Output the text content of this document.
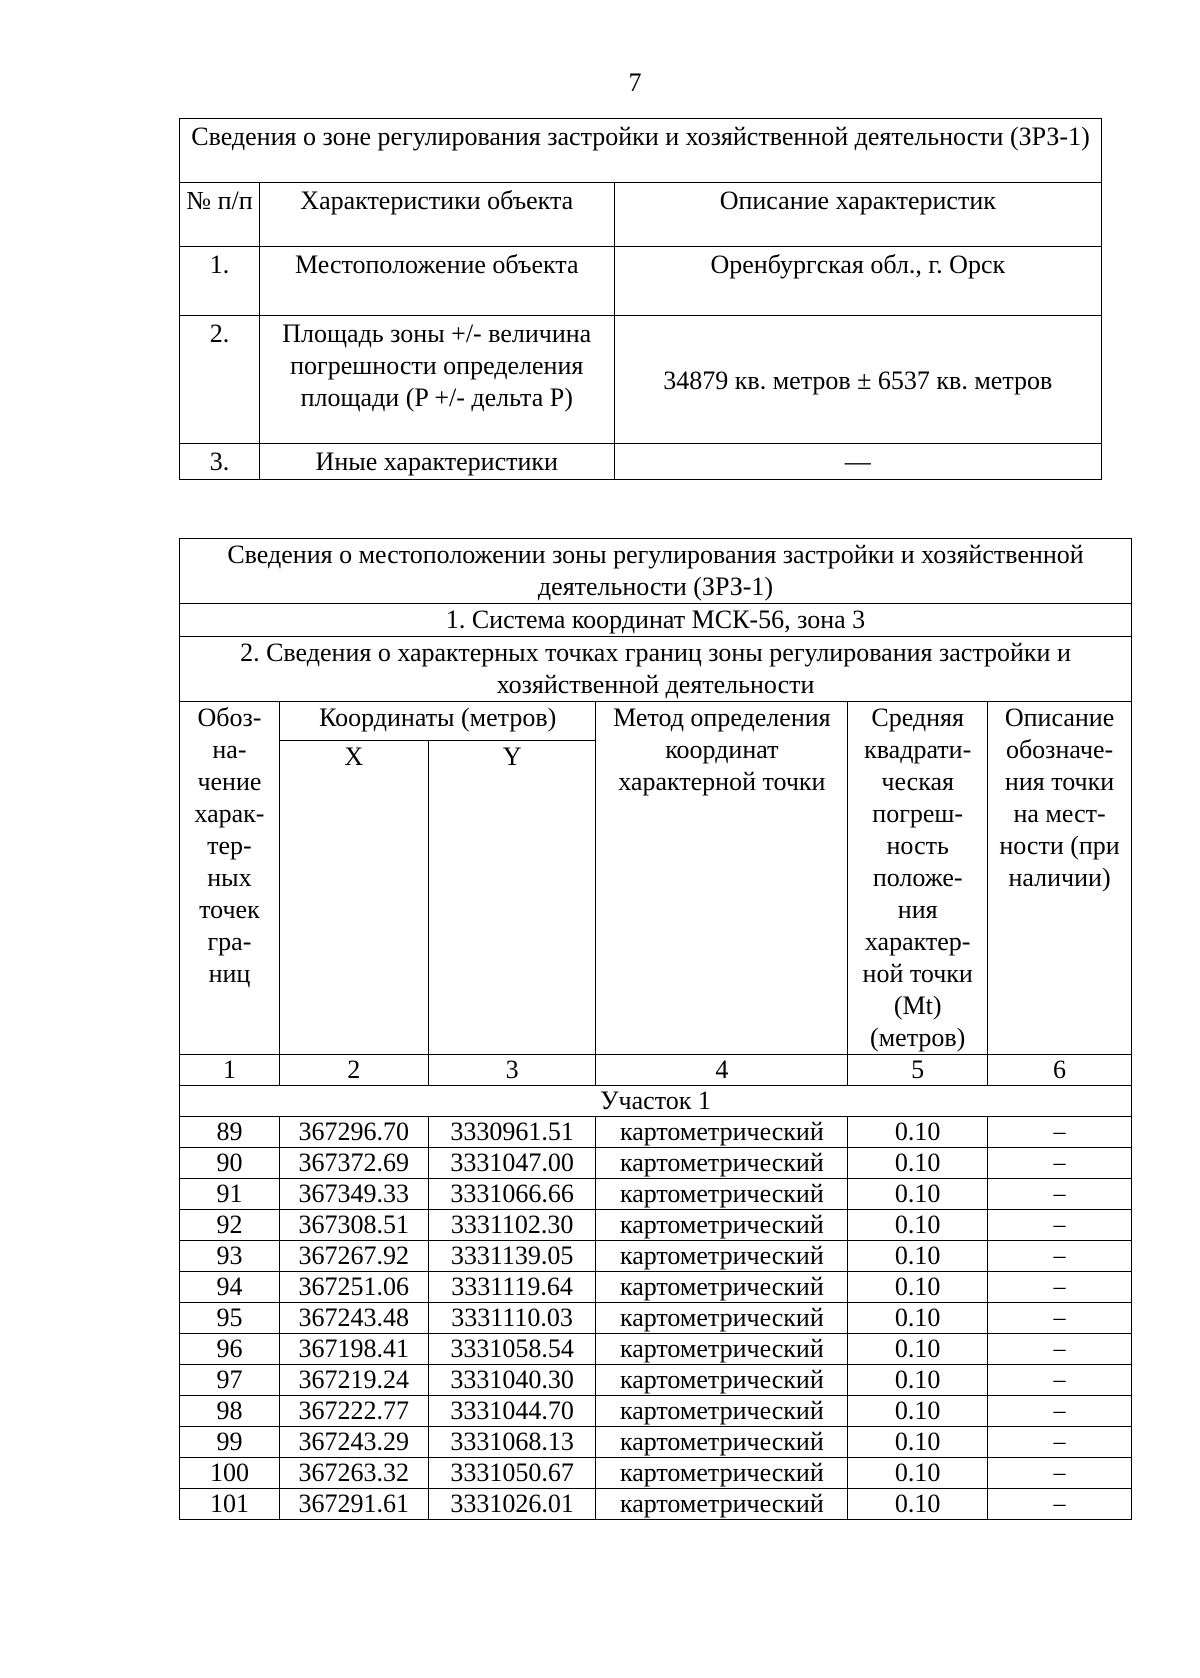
7
Сведения о зоне регулирования застройки и хозяйственной деятельности (ЗРЗ-1)		
№ п/п	Характеристики объекта	Описание характеристик
1.	Местоположение объекта	Оренбургская обл., г. Орск
2.	Площадь зоны +/- величина погрешности определения площади (P +/- дельта P)	34879 кв. метров ± 6537 кв. метров
3.	Иные характеристики	—
Сведения о местоположении зоны регулирования застройки и хозяйственной деятельности (ЗРЗ-1)					
1. Система координат МСК-56, зона 3					
2. Сведения о характерных точках границ зоны регулирования застройки и хозяйственной деятельности					
Обоз- на- чение харак- тер- ных точек гра- ниц	Координаты (метров)		Метод определения координат характерной точки	Средняя квадрати- ческая погреш- ность положе- ния характер- ной точки (Mt) (метров)	Описание обозначе- ния точки на мест- ности (при наличии)
	X	Y			
1	2	3	4	5	6
Участок 1					
89	367296.70	3330961.51	картометрический	0.10	–
90	367372.69	3331047.00	картометрический	0.10	–
91	367349.33	3331066.66	картометрический	0.10	–
92	367308.51	3331102.30	картометрический	0.10	–
93	367267.92	3331139.05	картометрический	0.10	–
94	367251.06	3331119.64	картометрический	0.10	–
95	367243.48	3331110.03	картометрический	0.10	–
96	367198.41	3331058.54	картометрический	0.10	–
97	367219.24	3331040.30	картометрический	0.10	–
98	367222.77	3331044.70	картометрический	0.10	–
99	367243.29	3331068.13	картометрический	0.10	–
100	367263.32	3331050.67	картометрический	0.10	–
101	367291.61	3331026.01	картометрический	0.10	–
